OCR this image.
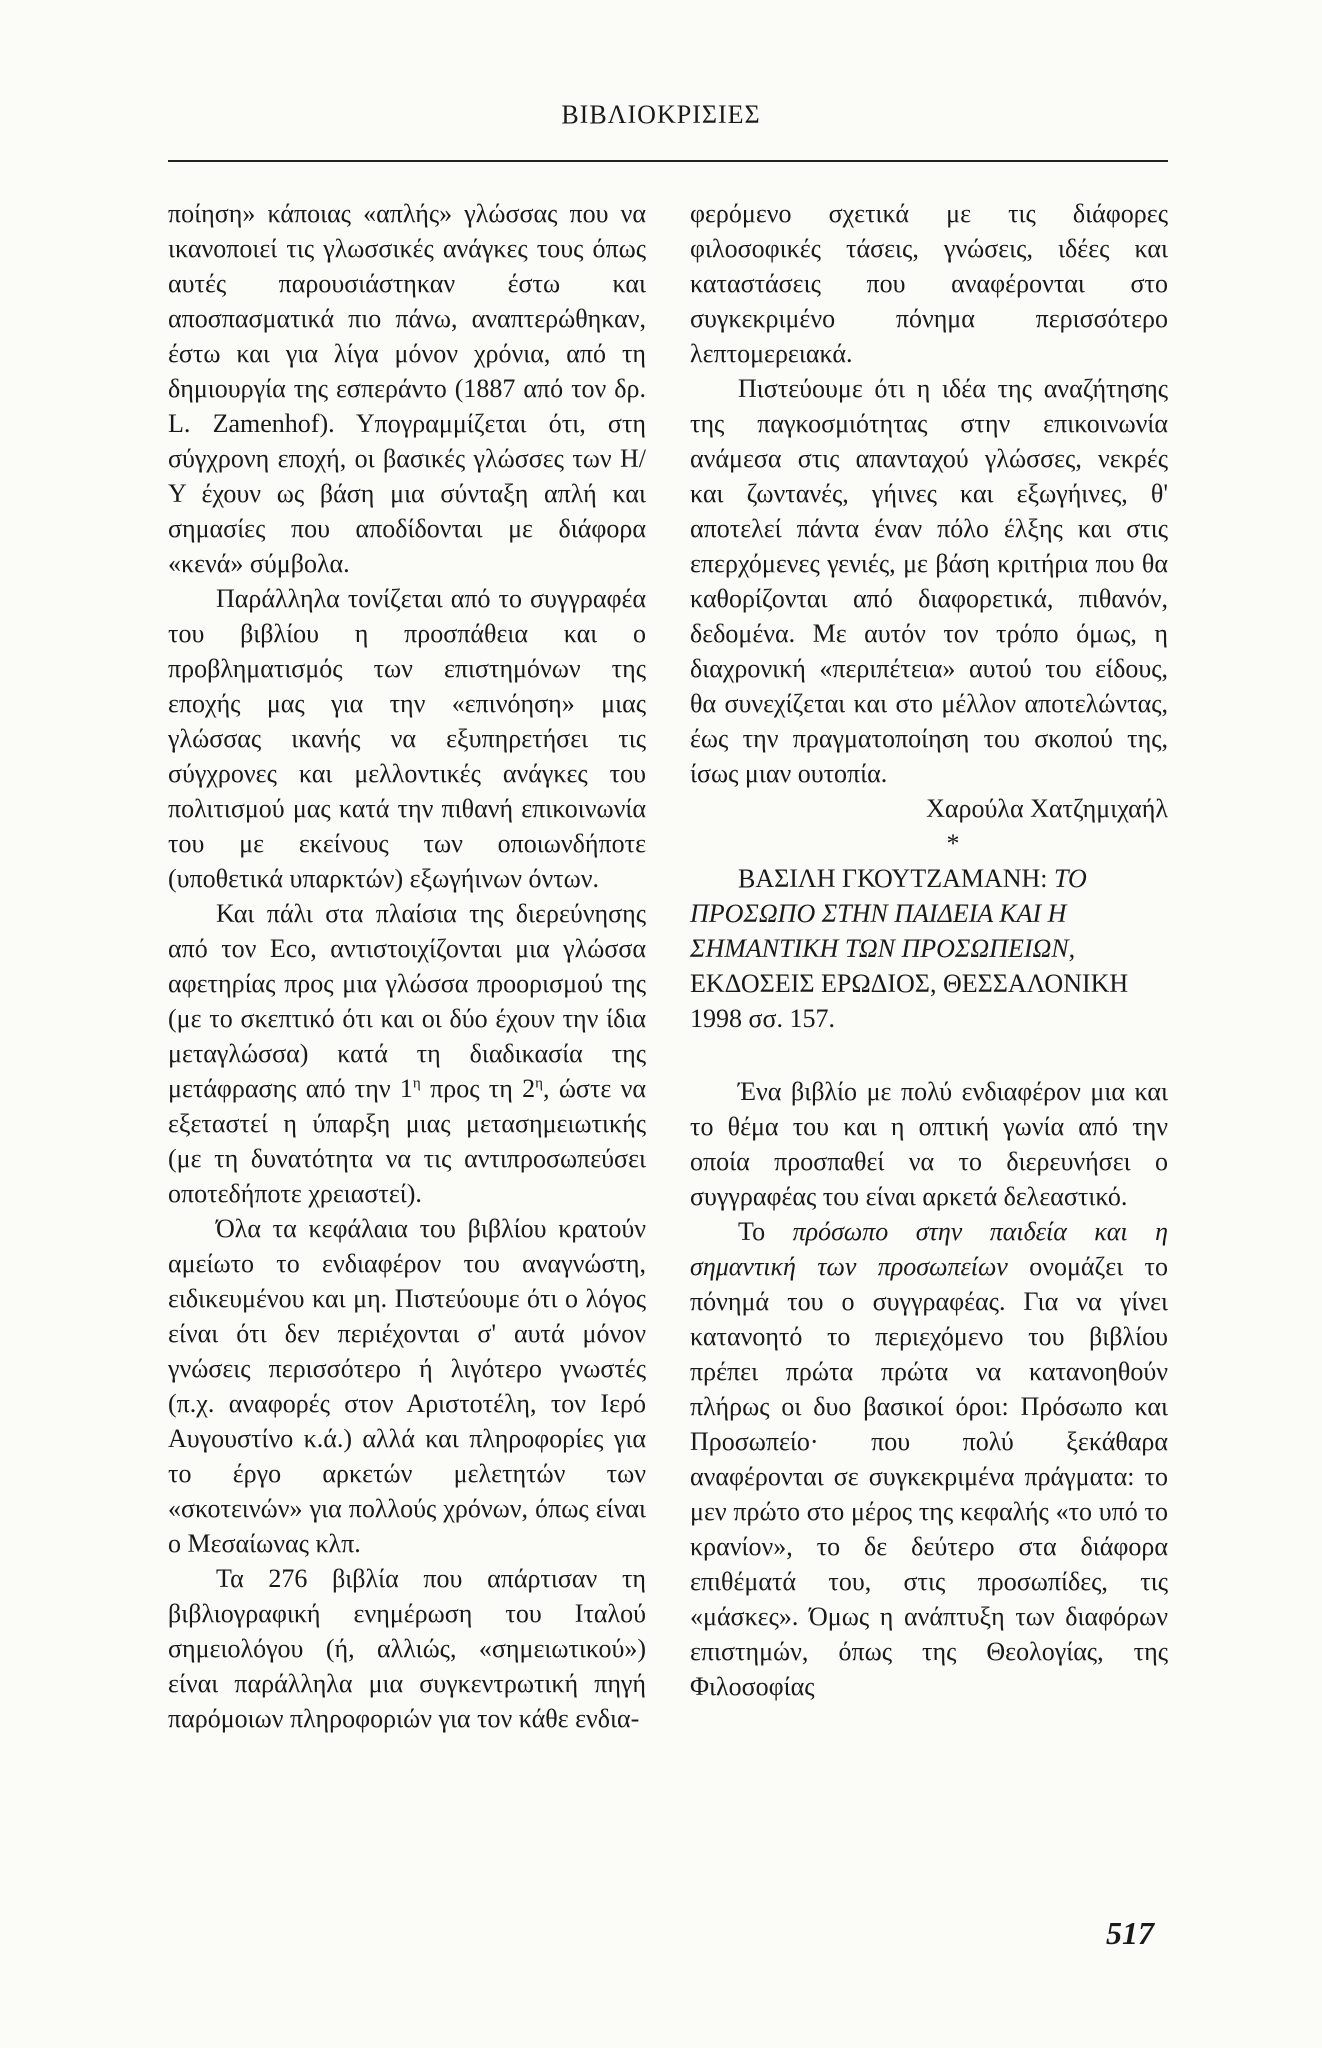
ΒΙΒΛΙΟΚΡΙΣΙΕΣ

ποίηση» κάποιας «απλής» γλώσσας που να ικανοποιεί τις γλωσσικές ανάγκες τους όπως αυτές παρουσιάστηκαν έστω και αποσπασματικά πιο πάνω, αναπτερώθηκαν, έστω και για λίγα μόνον χρόνια, από τη δημιουργία της εσπεράντο (1887 από τον δρ. L. Zamenhof). Υπογραμμίζεται ότι, στη σύγχρονη εποχή, οι βασικές γλώσσες των Η/Υ έχουν ως βάση μια σύνταξη απλή και σημασίες που αποδίδονται με διάφορα «κενά» σύμβολα.

Παράλληλα τονίζεται από το συγγραφέα του βιβλίου η προσπάθεια και ο προβληματισμός των επιστημόνων της εποχής μας για την «επινόηση» μιας γλώσσας ικανής να εξυπηρετήσει τις σύγχρονες και μελλοντικές ανάγκες του πολιτισμού μας κατά την πιθανή επικοινωνία του με εκείνους των οποιωνδήποτε (υποθετικά υπαρκτών) εξωγήινων όντων.

Και πάλι στα πλαίσια της διερεύνησης από τον Eco, αντιστοιχίζονται μια γλώσσα αφετηρίας προς μια γλώσσα προορισμού της (με το σκεπτικό ότι και οι δύο έχουν την ίδια μεταγλώσσα) κατά τη διαδικασία της μετάφρασης από την $1^\eta$ προς τη $2^\eta$, ώστε να εξεταστεί η ύπαρξη μιας μετασημειωτικής (με τη δυνατότητα να τις αντιπροσωπεύσει οποτεδήποτε χρειαστεί).

Όλα τα κεφάλαια του βιβλίου κρατούν αμείωτο το ενδιαφέρον του αναγνώστη, ειδικευμένου και μη. Πιστεύουμε ότι ο λόγος είναι ότι δεν περιέχονται σ' αυτά μόνον γνώσεις περισσότερο ή λιγότερο γνωστές (π.χ. αναφορές στον Αριστοτέλη, τον Ιερό Αυγουστίνο κ.ά.) αλλά και πληροφορίες για το έργο αρκετών μελετητών των «σκοτεινών» για πολλούς χρόνων, όπως είναι ο Μεσαίωνας κλπ.

Τα 276 βιβλία που απάρτισαν τη βιβλιογραφική ενημέρωση του Ιταλού σημειολόγου (ή, αλλιώς, «σημειωτικού») είναι παράλληλα μια συγκεντρωτική πηγή παρόμοιων πληροφοριών για τον κάθε ενδια-

φερόμενο σχετικά με τις διάφορες φιλοσοφικές τάσεις, γνώσεις, ιδέες και καταστάσεις που αναφέρονται στο συγκεκριμένο πόνημα περισσότερο λεπτομερειακά.

Πιστεύουμε ότι η ιδέα της αναζήτησης της παγκοσμιότητας στην επικοινωνία ανάμεσα στις απανταχού γλώσσες, νεκρές και ζωντανές, γήινες και εξωγήινες, θ' αποτελεί πάντα έναν πόλο έλξης και στις επερχόμενες γενιές, με βάση κριτήρια που θα καθορίζονται από διαφορετικά, πιθανόν, δεδομένα. Με αυτόν τον τρόπο όμως, η διαχρονική «περιπέτεια» αυτού του είδους, θα συνεχίζεται και στο μέλλον αποτελώντας, έως την πραγματοποίηση του σκοπού της, ίσως μιαν ουτοπία.

Χαρούλα Χατζημιχαήλ

*

ΒΑΣΙΛΗ ΓΚΟΥΤΖΑΜΑΝΗ: ΤΟ ΠΡΟΣΩΠΟ ΣΤΗΝ ΠΑΙΔΕΙΑ ΚΑΙ Η ΣΗΜΑΝΤΙΚΗ ΤΩΝ ΠΡΟΣΩΠΕΙΩΝ,
ΕΚΔΟΣΕΙΣ ΕΡΩΔΙΟΣ, ΘΕΣΣΑΛΟΝΙΚΗ
1998 σσ. 157.

Ένα βιβλίο με πολύ ενδιαφέρον μια και το θέμα του και η οπτική γωνία από την οποία προσπαθεί να το διερευνήσει ο συγγραφέας του είναι αρκετά δελεαστικό.

Το πρόσωπο στην παιδεία και η σημαντική των προσωπείων ονομάζει το πόνημά του ο συγγραφέας. Για να γίνει κατανοητό το περιεχόμενο του βιβλίου πρέπει πρώτα πρώτα να κατανοηθούν πλήρως οι δυο βασικοί όροι: Πρόσωπο και Προσωπείο· που πολύ ξεκάθαρα αναφέρονται σε συγκεκριμένα πράγματα: το μεν πρώτο στο μέρος της κεφαλής «το υπό το κρανίον», το δε δεύτερο στα διάφορα επιθέματά του, στις προσωπίδες, τις «μάσκες». Όμως η ανάπτυξη των διαφόρων επιστημών, όπως της Θεολογίας, της Φιλοσοφίας

517
